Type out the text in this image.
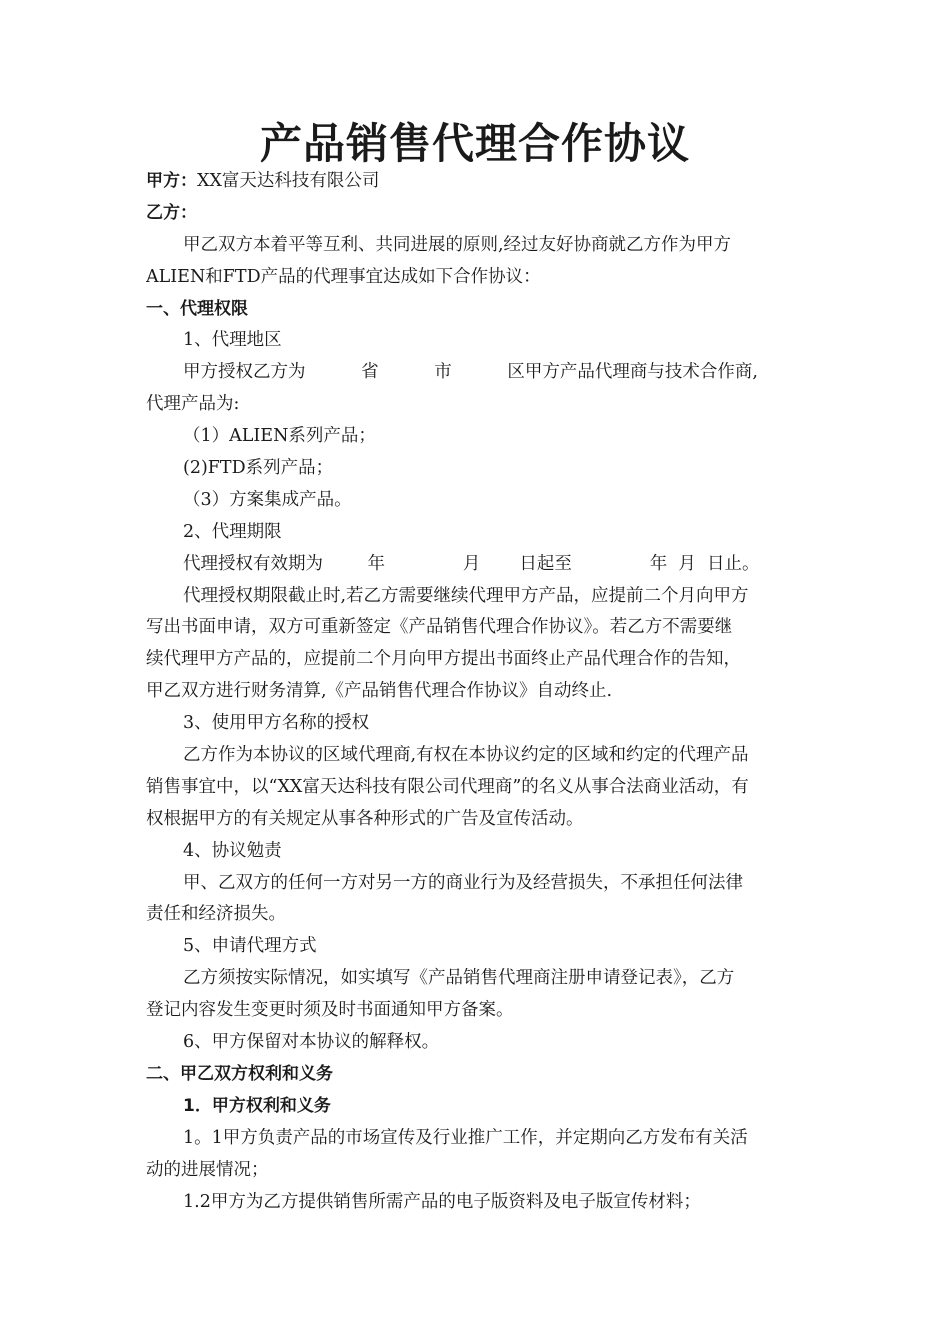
产品销售代理合作协议
甲方：XX富天达科技有限公司
乙方：
甲乙双方本着平等互利、共同进展的原则,经过友好协商就乙方作为甲方
ALIEN和FTD产品的代理事宜达成如下合作协议：
一、代理权限
1、代理地区
甲方授权乙方为          省          市          区甲方产品代理商与技术合作商,
代理产品为:
（1）ALIEN系列产品；
(2)FTD系列产品；
（3）方案集成产品。
2、代理期限
代理授权有效期为        年              月       日起至              年  月  日止。
代理授权期限截止时,若乙方需要继续代理甲方产品，应提前二个月向甲方
写出书面申请，双方可重新签定《产品销售代理合作协议》。若乙方不需要继
续代理甲方产品的，应提前二个月向甲方提出书面终止产品代理合作的告知，
甲乙双方进行财务清算,《产品销售代理合作协议》自动终止.
3、使用甲方名称的授权
乙方作为本协议的区域代理商,有权在本协议约定的区域和约定的代理产品
销售事宜中，以“XX富天达科技有限公司代理商”的名义从事合法商业活动，有
权根据甲方的有关规定从事各种形式的广告及宣传活动。
4、协议勉责
甲、乙双方的任何一方对另一方的商业行为及经营损失，不承担任何法律
责任和经济损失。
5、申请代理方式
乙方须按实际情况，如实填写《产品销售代理商注册申请登记表》，乙方
登记内容发生变更时须及时书面通知甲方备案。
6、甲方保留对本协议的解释权。
二、甲乙双方权利和义务
1．甲方权利和义务
1。1甲方负责产品的市场宣传及行业推广工作，并定期向乙方发布有关活
动的进展情况；
1.2甲方为乙方提供销售所需产品的电子版资料及电子版宣传材料；
